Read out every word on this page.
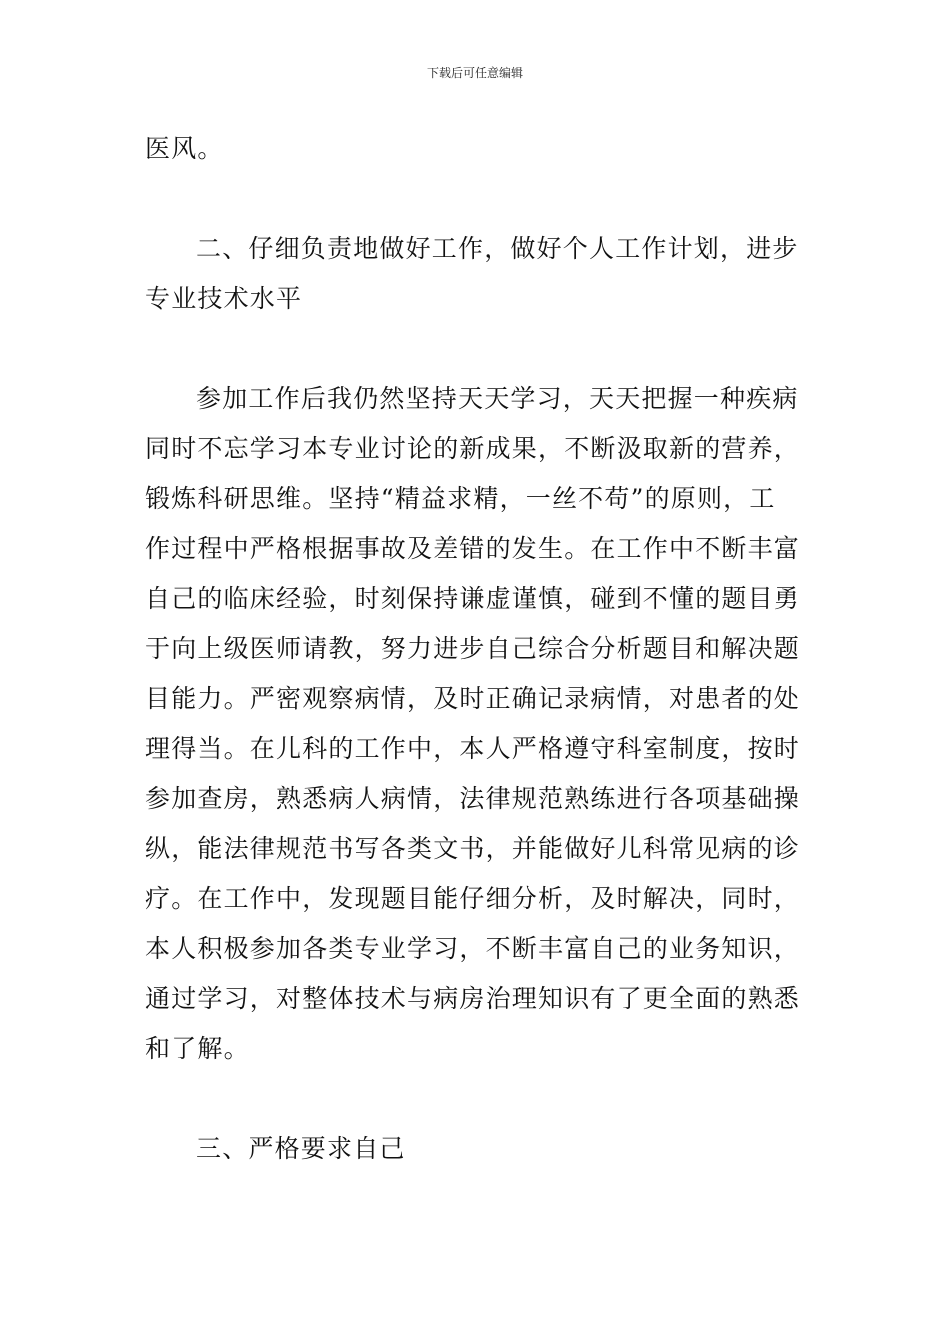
下载后可任意编辑
医风。
二、仔细负责地做好工作，做好个人工作计划，进步
专业技术水平
参加工作后我仍然坚持天天学习，天天把握一种疾病
同时不忘学习本专业讨论的新成果，不断汲取新的营养，
锻炼科研思维。坚持“精益求精，一丝不苟”的原则，工
作过程中严格根据事故及差错的发生。在工作中不断丰富
自己的临床经验，时刻保持谦虚谨慎，碰到不懂的题目勇
于向上级医师请教，努力进步自己综合分析题目和解决题
目能力。严密观察病情，及时正确记录病情，对患者的处
理得当。在儿科的工作中，本人严格遵守科室制度，按时
参加查房，熟悉病人病情，法律规范熟练进行各项基础操
纵，能法律规范书写各类文书，并能做好儿科常见病的诊
疗。在工作中，发现题目能仔细分析，及时解决，同时，
本人积极参加各类专业学习，不断丰富自己的业务知识，
通过学习，对整体技术与病房治理知识有了更全面的熟悉
和了解。
三、严格要求自己
